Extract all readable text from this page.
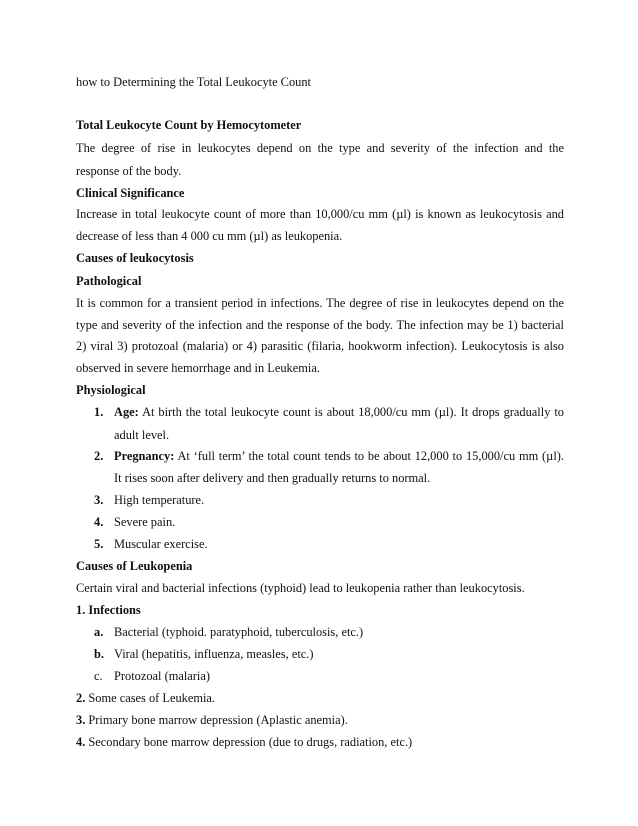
how to Determining the Total Leukocyte Count
Total Leukocyte Count by Hemocytometer
The degree of rise in leukocytes depend on the type and severity of the infection and the
response of the body.
Clinical Significance
Increase in total leukocyte count of more than 10,000/cu mm (µl) is known as leukocytosis and
decrease of less than 4 000 cu mm (µl) as leukopenia.
Causes of leukocytosis
Pathological
It is common for a transient period in infections. The degree of rise in leukocytes depend on the
type and severity of the infection and the response of the body. The infection may be 1) bacterial
2) viral 3) protozoal (malaria) or 4) parasitic (filaria, hookworm infection). Leukocytosis is also
observed in severe hemorrhage and in Leukemia.
Physiological
1. Age: At birth the total leukocyte count is about 18,000/cu mm (µl). It drops gradually to
adult level.
2. Pregnancy: At ‘full term’ the total count tends to be about 12,000 to 15,000/cu mm (µl).
It rises soon after delivery and then gradually returns to normal.
3. High temperature.
4. Severe pain.
5. Muscular exercise.
Causes of Leukopenia
Certain viral and bacterial infections (typhoid) lead to leukopenia rather than leukocytosis.
1. Infections
a. Bacterial (typhoid. paratyphoid, tuberculosis, etc.)
b. Viral (hepatitis, influenza, measles, etc.)
c. Protozoal (malaria)
2. Some cases of Leukemia.
3. Primary bone marrow depression (Aplastic anemia).
4. Secondary bone marrow depression (due to drugs, radiation, etc.)
